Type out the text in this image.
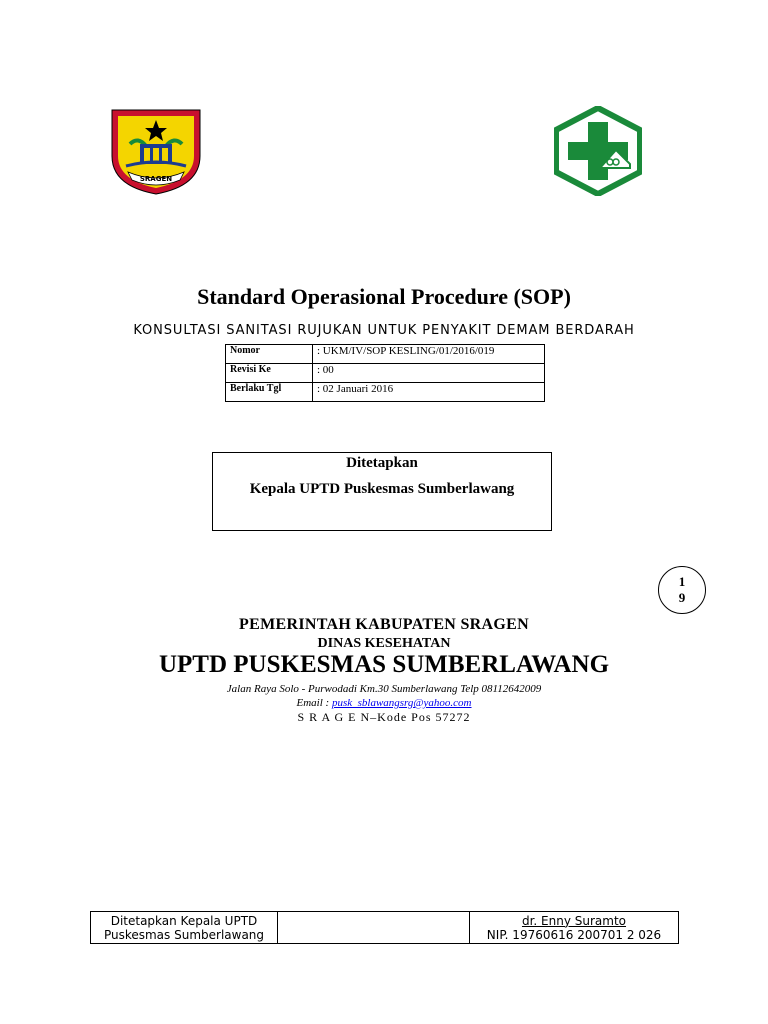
SRAGEN
Standard Operasional Procedure (SOP)
KONSULTASI SANITASI RUJUKAN UNTUK PENYAKIT DEMAM BERDARAH
Nomor	: UKM/IV/SOP KESLING/01/2016/019
Revisi Ke	: 00
Berlaku Tgl	: 02 Januari 2016
Ditetapkan
Kepala UPTD Puskesmas Sumberlawang
1
9
PEMERINTAH KABUPATEN SRAGEN
DINAS KESEHATAN
UPTD PUSKESMAS SUMBERLAWANG
Jalan Raya Solo - Purwodadi Km.30 Sumberlawang Telp 08112642009
Email : pusk_sblawangsrg@yahoo.com
S R A G E N–Kode Pos 57272
Ditetapkan Kepala UPTD
Puskesmas Sumberlawang

dr. Enny Suramto
NIP. 19760616 200701 2 026
